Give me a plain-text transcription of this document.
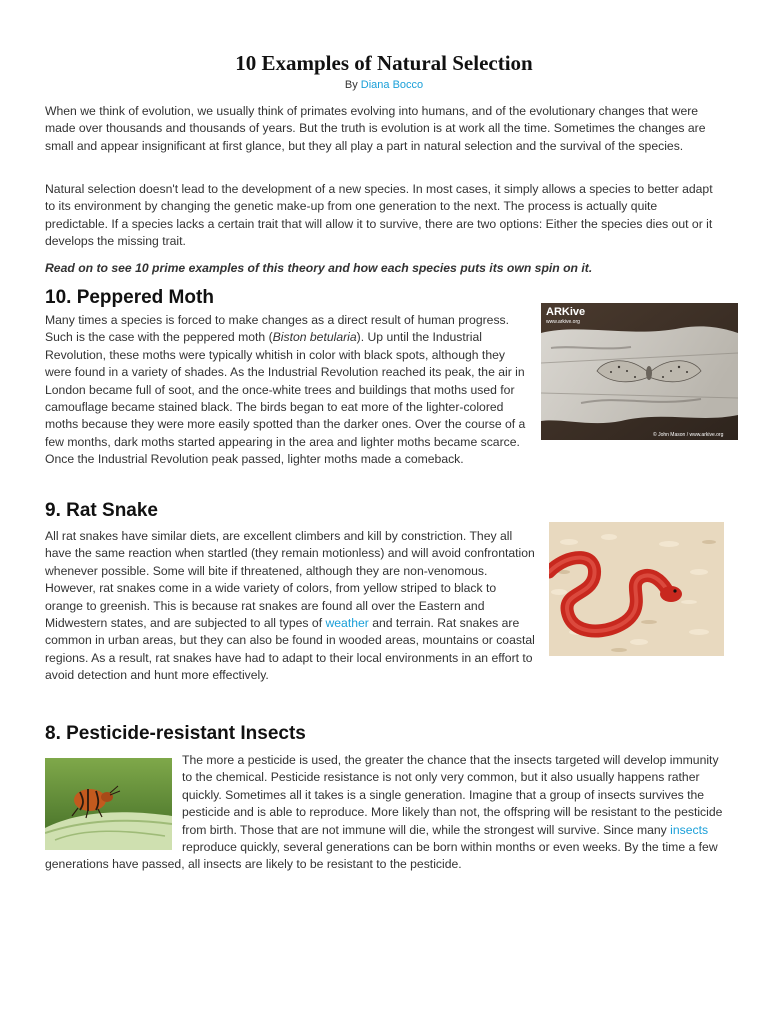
10 Examples of Natural Selection
By Diana Bocco

When we think of evolution, we usually think of primates evolving into humans, and of the evolutionary changes that were made over thousands and thousands of years. But the truth is evolution is at work all the time. Sometimes the changes are small and appear insignificant at first glance, but they all play a part in natural selection and the survival of the species.

Natural selection doesn't lead to the development of a new species. In most cases, it simply allows a species to better adapt to its environment by changing the genetic make-up from one generation to the next. The process is actually quite predictable. If a species lacks a certain trait that will allow it to survive, there are two options: Either the species dies out or it develops the missing trait.

Read on to see 10 prime examples of this theory and how each species puts its own spin on it.

10. Peppered Moth

ARKive
www.arkive.org
© John Mason / www.arkive.org
Many times a species is forced to make changes as a direct result of human progress. Such is the case with the peppered moth (Biston betularia). Up until the Industrial Revolution, these moths were typically whitish in color with black spots, although they were found in a variety of shades. As the Industrial Revolution reached its peak, the air in London became full of soot, and the once-white trees and buildings that moths used for camouflage became stained black. The birds began to eat more of the lighter-colored moths because they were more easily spotted than the darker ones. Over the course of a few months, dark moths started appearing in the area and lighter moths became scarce. Once the Industrial Revolution peak passed, lighter moths made a comeback.

9. Rat Snake

All rat snakes have similar diets, are excellent climbers and kill by constriction. They all have the same reaction when startled (they remain motionless) and will avoid confrontation whenever possible. Some will bite if threatened, although they are non-venomous. However, rat snakes come in a wide variety of colors, from yellow striped to black to orange to greenish. This is because rat snakes are found all over the Eastern and Midwestern states, and are subjected to all types of weather and terrain. Rat snakes are common in urban areas, but they can also be found in wooded areas, mountains or coastal regions. As a result, rat snakes have had to adapt to their local environments in an effort to avoid detection and hunt more effectively.

8. Pesticide-resistant Insects

The more a pesticide is used, the greater the chance that the insects targeted will develop immunity to the chemical. Pesticide resistance is not only very common, but it also usually happens rather quickly. Sometimes all it takes is a single generation. Imagine that a group of insects survives the pesticide and is able to reproduce. More likely than not, the offspring will be resistant to the pesticide from birth. Those that are not immune will die, while the strongest will survive. Since many insects reproduce quickly, several generations can be born within months or even weeks. By the time a few generations have passed, all insects are likely to be resistant to the pesticide.
